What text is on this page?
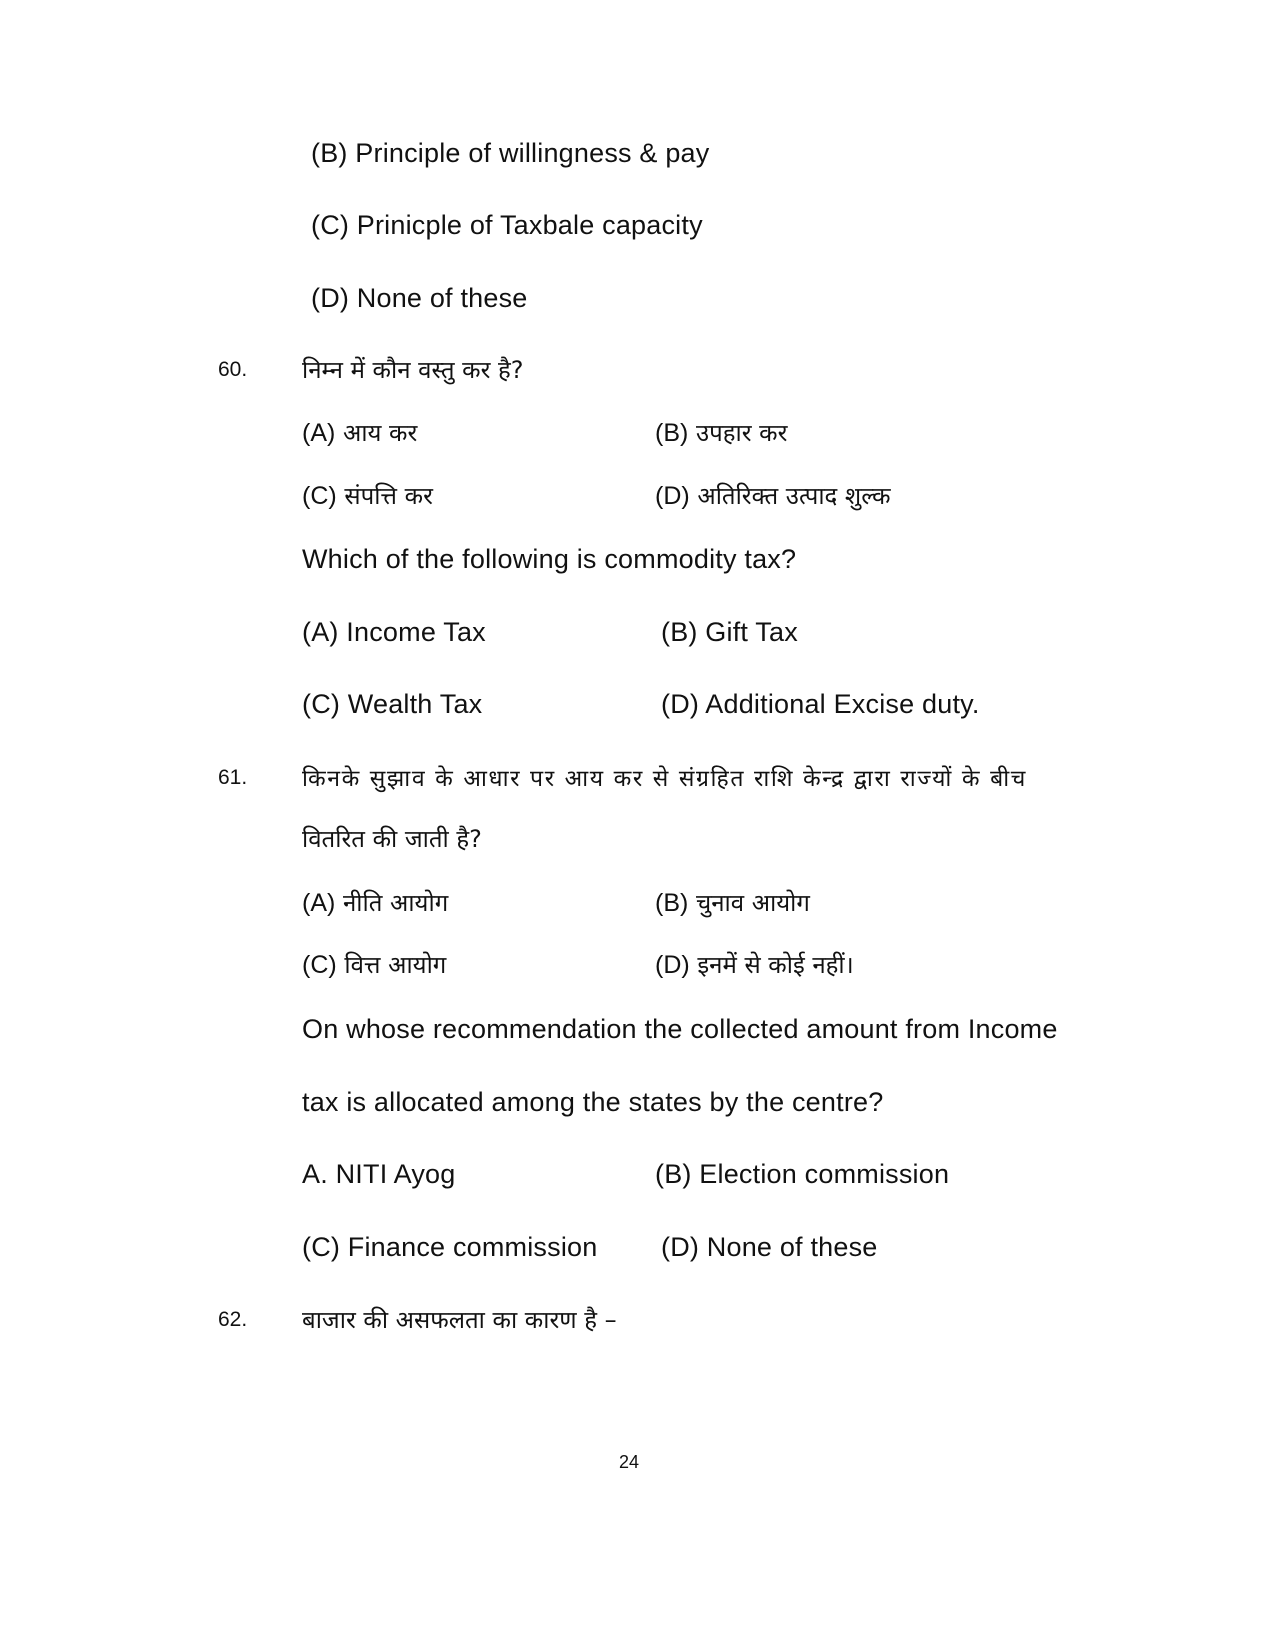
(B) Principle of willingness & pay
(C) Prinicple of Taxbale capacity
(D) None of these
60. निम्न में कौन वस्तु कर है?
(A) आय कर	(B) उपहार कर
(C) संपत्ति कर	(D) अतिरिक्त उत्पाद शुल्क
Which of the following is commodity tax?
(A) Income Tax	(B) Gift Tax
(C) Wealth Tax	(D) Additional Excise duty.
61. किनके सुझाव के आधार पर आय कर से संग्रहित राशि केन्द्र द्वारा राज्यों के बीच
वितरित की जाती है?
(A) नीति आयोग	(B) चुनाव आयोग
(C) वित्त आयोग	(D) इनमें से कोई नहीं।
On whose recommendation the collected amount from Income
tax is allocated among the states by the centre?
A. NITI Ayog	(B) Election commission
(C) Finance commission (D) None of these
62. बाजार की असफलता का कारण है –
24
